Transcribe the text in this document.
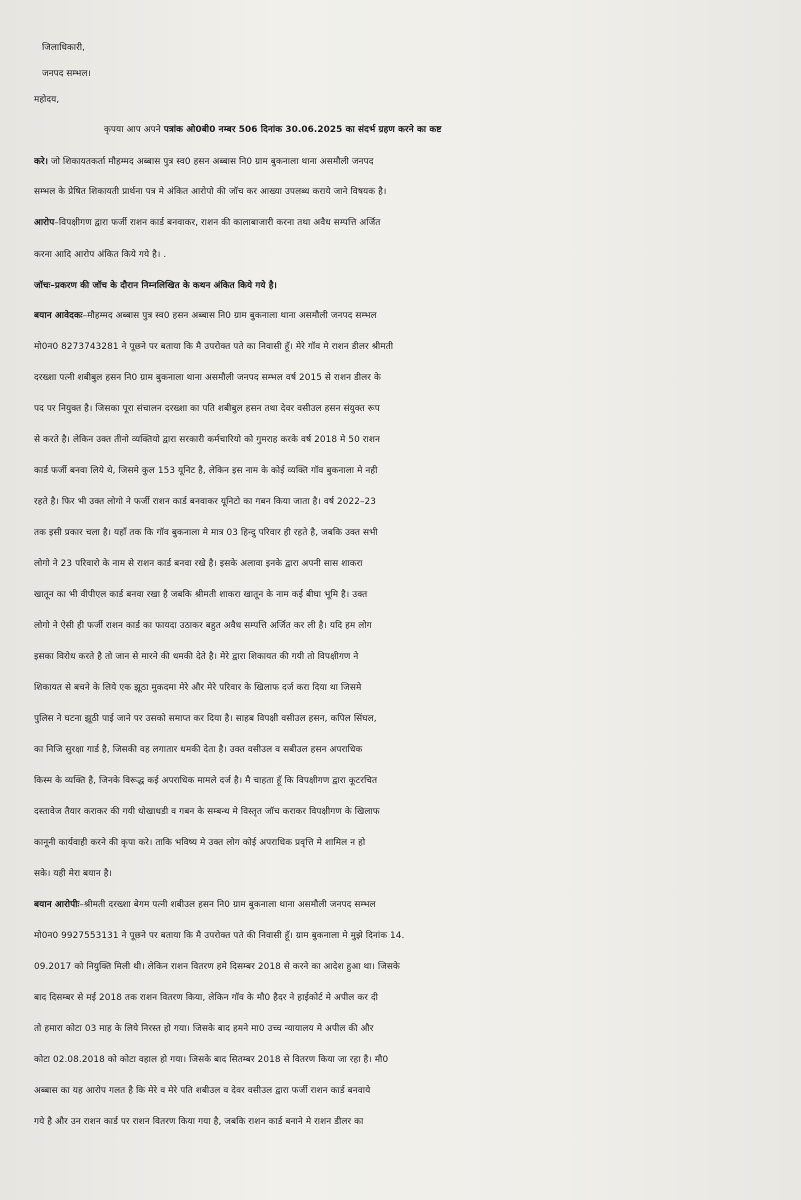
जिलाधिकारी,
जनपद सम्भल।
महोदय,
कृपया आप अपने पत्रांक ओ0बी0 नम्बर 506 दिनांक 30.06.2025 का संदर्भ ग्रहण करने का कष्ट
करे। जो शिकायतकर्ता मौहम्मद अब्बास पुत्र स्व0 हसन अब्बास नि0 ग्राम बुकनाला थाना असमौली जनपद
सम्भल के प्रेषित शिकायती प्रार्थना पत्र मे अंकित आरोपो की जॉच कर आख्या उपलब्ध कराये जाने विषयक है।
आरोप–विपक्षीगण द्वारा फर्जी राशन कार्ड बनवाकर, राशन की कालाबाजारी करना तथा अवैध सम्पत्ति अर्जित
करना आदि आरोप अंकित किये गये है। .
जॉचः–प्रकरण की जॉच के दौरान निम्नलिखित के कथन अंकित किये गये है।
बयान आवेदकः–मौहम्मद अब्बास पुत्र स्व0 हसन अब्बास नि0 ग्राम बुकनाला थाना असमौली जनपद सम्भल
मो0न0 8273743281 ने पूछने पर बताया कि मै उपरोक्त पते का निवासी हूॅ। मेरे गॉव मे राशन डीलर श्रीमती
दरख्शा पत्नी शबीबुल हसन नि0 ग्राम बुकनाला थाना असमौली जनपद सम्भल वर्ष 2015 से राशन डीलर के
पद पर नियुक्त है। जिसका पूरा संचालन दरख्शा का पति शबीबुल हसन तथा देवर वसीउल हसन संयुक्त रूप
से करते है। लेकिन उक्त तीनो व्यक्तियो द्वारा सरकारी कर्मचारियो को गुमराह करके वर्ष 2018 मे 50 राशन
कार्ड फर्जी बनवा लिये थे, जिसमे कुल 153 यूनिट है, लेकिन इस नाम के कोई व्यक्ति गॉव बुकनाला मे नही
रहते है। फिर भी उक्त लोगो ने फर्जी राशन कार्ड बनवाकर यूनिटो का गबन किया जाता है। वर्ष 2022–23
तक इसी प्रकार चला है। यहॉं तक कि गॉव बुकनाला मे मात्र 03 हिन्दु परिवार ही रहते है, जबकि उक्त सभी
लोगो ने 23 परिवारो के नाम से राशन कार्ड बनवा रखे है। इसके अलावा इनके द्वारा अपनी सास शाकरा
खातून का भी वीपीएल कार्ड बनवा रखा है जबकि श्रीमती शाकरा खातून के नाम कई बीघा भूमि है। उक्त
लोगो ने ऐसी ही फर्जी राशन कार्ड का फायदा उठाकर बहुत अवैध सम्पत्ति अर्जित कर ली है। यदि हम लोग
इसका विरोध करते है तो जान से मारने की धमकी देते है। मेरे द्वारा शिकायत की गयी तो विपक्षीगण ने
शिकायत से बचने के लिये एक झूठा मुकदमा मेरे और मेरे परिवार के खिलाफ दर्ज करा दिया था जिसमे
पुलिस ने घटना झूठी पाई जाने पर उसको समाप्त कर दिया है। साहब विपक्षी वसीउल हसन, कपिल सिंघल,
का निजि सुरक्षा गार्ड है, जिसकी वह लगातार धमकी देता है। उक्त वसीउल व सबीउल हसन अपराधिक
किस्म के व्यक्ति है, जिनके विरूद्ध कई अपराधिक मामले दर्ज है। मै चाहता हूॅ कि विपक्षीगण द्वारा कूटरचित
दस्तावेज तैयार कराकर की गयी धोखाधडी व गबन के सम्बन्ध मे विस्तृत जॉच कराकर विपक्षीगण के खिलाफ
कानूनी कार्यवाही करने की कृपा करे। ताकि भविष्य मे उक्त लोग कोई अपराधिक प्रवृत्ति मे शामिल न हो
सके। यही मेरा बयान है।
बयान आरोपीः–श्रीमती दरख्शा बेगम पत्नी शबीउल हसन नि0 ग्राम बुकनाला थाना असमौली जनपद सम्भल
मो0न0 9927553131 ने पूछने पर बताया कि मै उपरोक्त पते की निवासी हूॅ। ग्राम बुकनाला मे मुझे दिनांक 14.
09.2017 को नियुक्ति मिली थी। लेकिन राशन वितरण हमे दिसम्बर 2018 से करने का आदेश हुआ था। जिसके
बाद दिसम्बर से मई 2018 तक राशन वितरण किया, लेकिन गॉव के मौ0 हैदर ने हाईकोर्ट मे अपील कर दी
तो हमारा कोटा 03 माह के लिये निरस्त हो गया। जिसके बाद हमने मा0 उच्च न्यायालय मे अपील की और
कोटा 02.08.2018 को कोटा वहाल हो गया। जिसके बाद सितम्बर 2018 से वितरण किया जा रहा है। मौ0
अब्बास का यह आरोप गलत है कि मेरे व मेरे पति शबीउल व देवर वसीउल द्वारा फर्जी राशन कार्ड बनवाये
गये है और उन राशन कार्ड पर राशन वितरण किया गया है, जबकि राशन कार्ड बनाने मे राशन डीलर का
